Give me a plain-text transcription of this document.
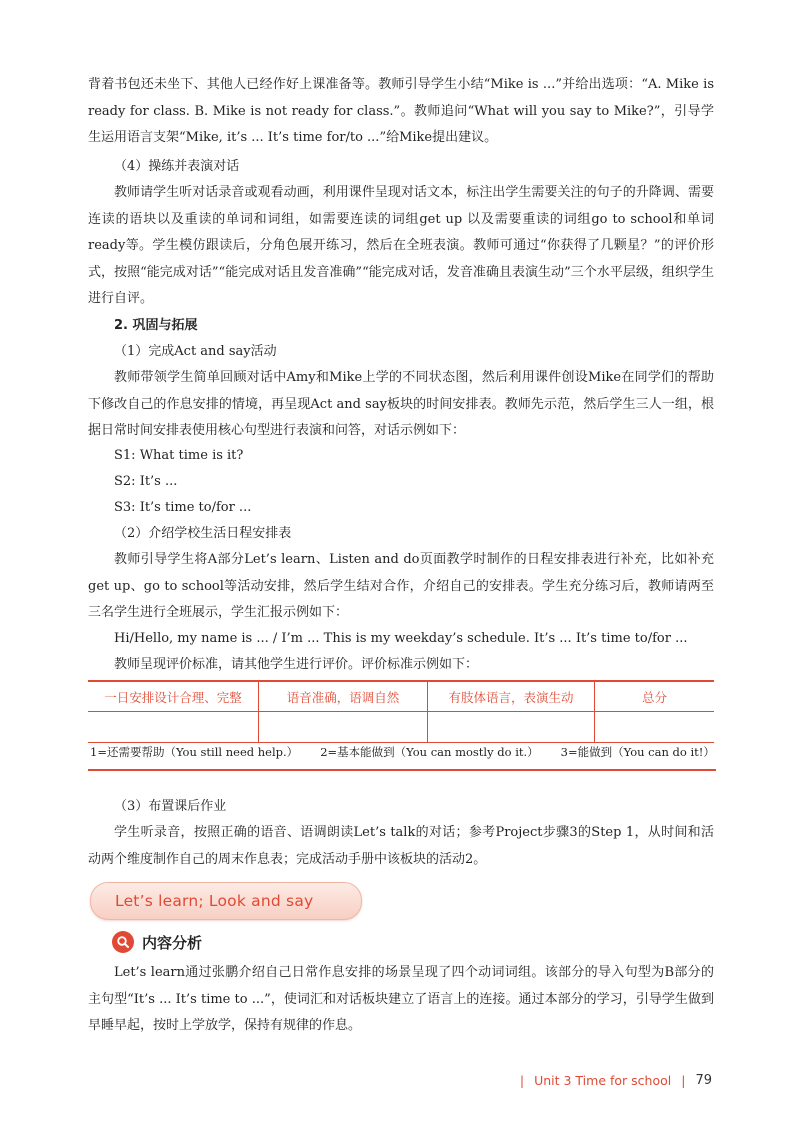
背着书包还未坐下、其他人已经作好上课准备等。教师引导学生小结“Mike is ...”并给出选项：“A. Mike is ready for class. B. Mike is not ready for class.”。教师追问“What will you say to Mike?”，引导学生运用语言支架“Mike, it’s ... It’s time for/to ...”给Mike提出建议。

（4）操练并表演对话

教师请学生听对话录音或观看动画，利用课件呈现对话文本，标注出学生需要关注的句子的升降调、需要连读的语块以及重读的单词和词组，如需要连读的词组get up 以及需要重读的词组go to school和单词ready等。学生模仿跟读后，分角色展开练习，然后在全班表演。教师可通过“你获得了几颗星？”的评价形式，按照“能完成对话”“能完成对话且发音准确”“能完成对话，发音准确且表演生动”三个水平层级，组织学生进行自评。

2. 巩固与拓展

（1）完成Act and say活动

教师带领学生简单回顾对话中Amy和Mike上学的不同状态图，然后利用课件创设Mike在同学们的帮助下修改自己的作息安排的情境，再呈现Act and say板块的时间安排表。教师先示范，然后学生三人一组，根据日常时间安排表使用核心句型进行表演和问答，对话示例如下：

S1: What time is it?

S2: It’s ...

S3: It’s time to/for ...

（2）介绍学校生活日程安排表

教师引导学生将A部分Let’s learn、Listen and do页面教学时制作的日程安排表进行补充，比如补充get up、go to school等活动安排，然后学生结对合作，介绍自己的安排表。学生充分练习后，教师请两至三名学生进行全班展示，学生汇报示例如下：

Hi/Hello, my name is ... / I’m ... This is my weekday’s schedule. It’s ... It’s time to/for ...

教师呈现评价标准，请其他学生进行评价。评价标准示例如下：

一日安排设计合理、完整	语音准确，语调自然	有肢体语言，表演生动	总分

1=还需要帮助（You still need help.） 2=基本能做到（You can mostly do it.） 3=能做到（You can do it!）

（3）布置课后作业

学生听录音，按照正确的语音、语调朗读Let’s talk的对话；参考Project步骤3的Step 1，从时间和活动两个维度制作自己的周末作息表；完成活动手册中该板块的活动2。

Let’s learn; Look and say
内容分析

Let’s learn通过张鹏介绍自己日常作息安排的场景呈现了四个动词词组。该部分的导入句型为B部分的主句型“It’s ... It’s time to ...”，使词汇和对话板块建立了语言上的连接。通过本部分的学习，引导学生做到早睡早起，按时上学放学，保持有规律的作息。

| Unit 3 Time for school | 79
